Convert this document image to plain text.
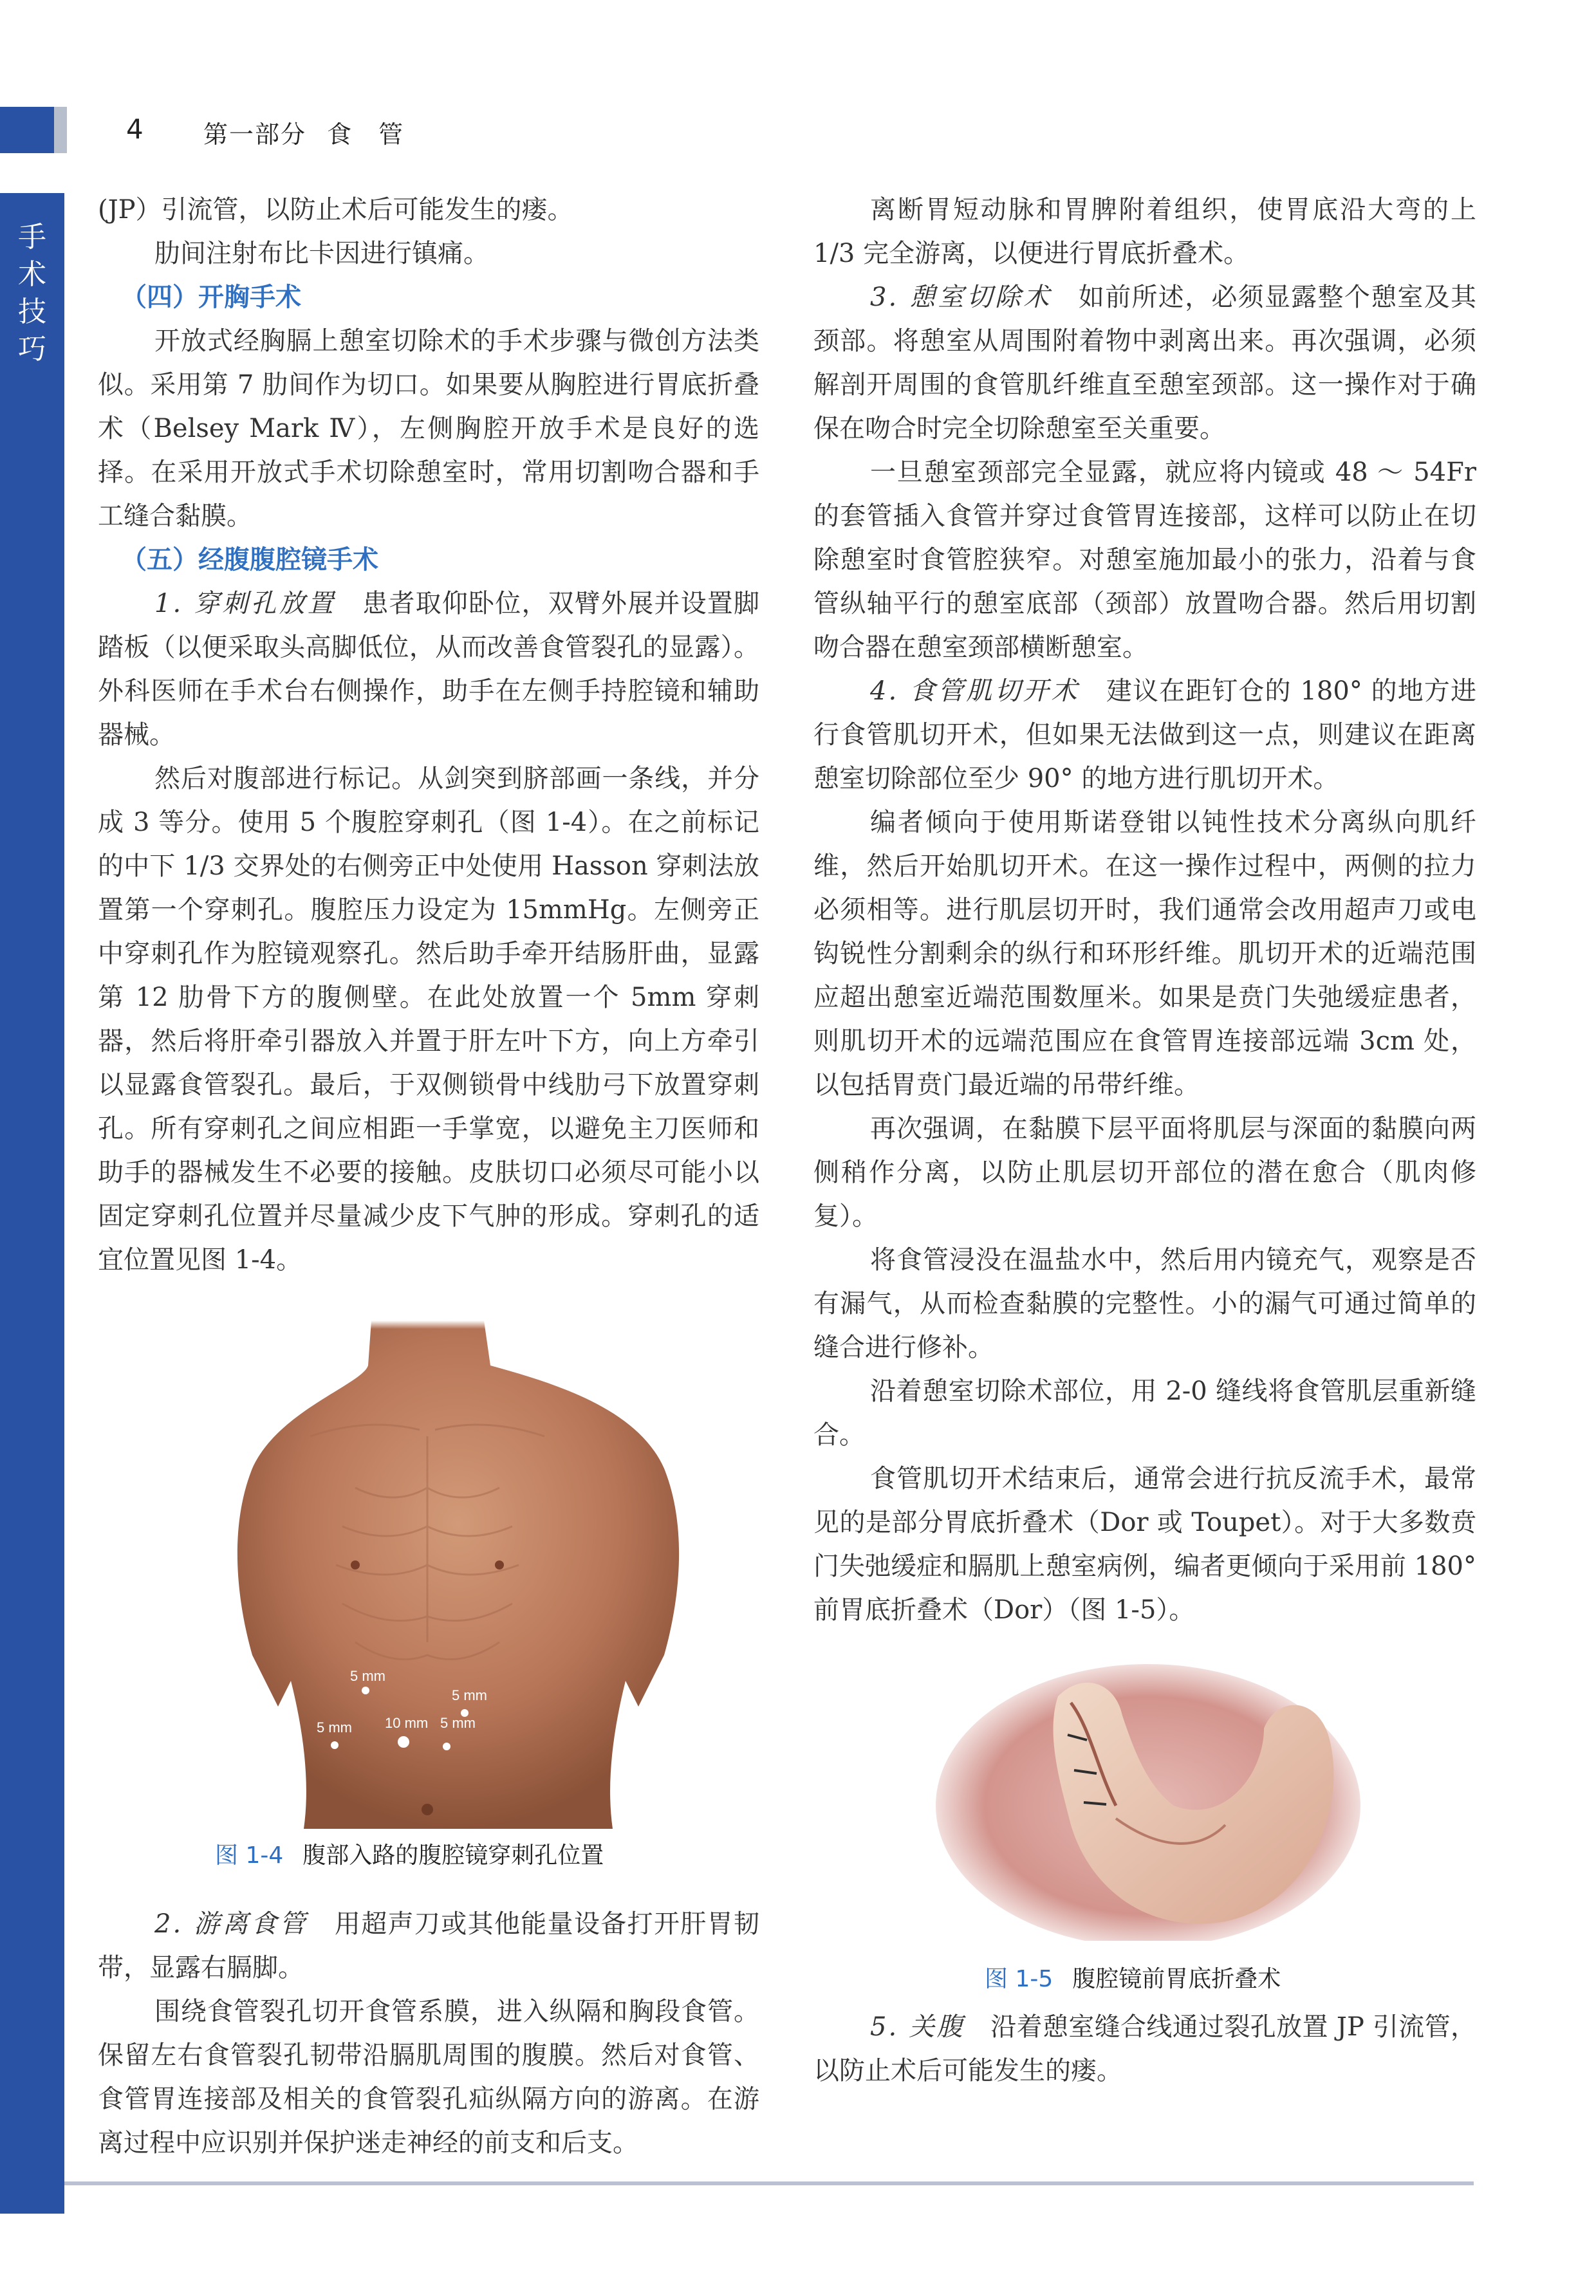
4 第一部分 食　管
手
术
技
巧

(JP）引流管，以防止术后可能发生的瘘。

肋间注射布比卡因进行镇痛。

（四）开胸手术

开放式经胸膈上憩室切除术的手术步骤与微创方法类似。采用第 7 肋间作为切口。如果要从胸腔进行胃底折叠术（Belsey Mark Ⅳ），左侧胸腔开放手术是良好的选择。在采用开放式手术切除憩室时，常用切割吻合器和手工缝合黏膜。

（五）经腹腹腔镜手术

1. 穿刺孔放置　 患者取仰卧位，双臂外展并设置脚踏板（以便采取头高脚低位，从而改善食管裂孔的显露）。外科医师在手术台右侧操作，助手在左侧手持腔镜和辅助器械。

然后对腹部进行标记。从剑突到脐部画一条线，并分成 3 等分。使用 5 个腹腔穿刺孔（图 1-4）。在之前标记的中下 1/3 交界处的右侧旁正中处使用 Hasson 穿刺法放置第一个穿刺孔。腹腔压力设定为 15mmHg。左侧旁正中穿刺孔作为腔镜观察孔。然后助手牵开结肠肝曲，显露第 12 肋骨下方的腹侧壁。在此处放置一个 5mm 穿刺器，然后将肝牵引器放入并置于肝左叶下方，向上方牵引以显露食管裂孔。最后，于双侧锁骨中线肋弓下放置穿刺孔。所有穿刺孔之间应相距一手掌宽，以避免主刀医师和助手的器械发生不必要的接触。皮肤切口必须尽可能小以固定穿刺孔位置并尽量减少皮下气肿的形成。穿刺孔的适宜位置见图 1-4。

5 mm
5 mm
5 mm 10 mm 5 mm
图 1-4 腹部入路的腹腔镜穿刺孔位置

2. 游离食管　 用超声刀或其他能量设备打开肝胃韧带，显露右膈脚。

围绕食管裂孔切开食管系膜，进入纵隔和胸段食管。保留左右食管裂孔韧带沿膈肌周围的腹膜。然后对食管、食管胃连接部及相关的食管裂孔疝纵隔方向的游离。在游离过程中应识别并保护迷走神经的前支和后支。

离断胃短动脉和胃脾附着组织，使胃底沿大弯的上 1/3 完全游离，以便进行胃底折叠术。

3. 憩室切除术　 如前所述，必须显露整个憩室及其颈部。将憩室从周围附着物中剥离出来。再次强调，必须解剖开周围的食管肌纤维直至憩室颈部。这一操作对于确保在吻合时完全切除憩室至关重要。

一旦憩室颈部完全显露，就应将内镜或 48 ～ 54Fr 的套管插入食管并穿过食管胃连接部，这样可以防止在切除憩室时食管腔狭窄。对憩室施加最小的张力，沿着与食管纵轴平行的憩室底部（颈部）放置吻合器。然后用切割吻合器在憩室颈部横断憩室。

4. 食管肌切开术　 建议在距钉仓的 180° 的地方进行食管肌切开术，但如果无法做到这一点，则建议在距离憩室切除部位至少 90° 的地方进行肌切开术。

编者倾向于使用斯诺登钳以钝性技术分离纵向肌纤维，然后开始肌切开术。在这一操作过程中，两侧的拉力必须相等。进行肌层切开时，我们通常会改用超声刀或电钩锐性分割剩余的纵行和环形纤维。肌切开术的近端范围应超出憩室近端范围数厘米。如果是贲门失弛缓症患者，则肌切开术的远端范围应在食管胃连接部远端 3cm 处，以包括胃贲门最近端的吊带纤维。

再次强调，在黏膜下层平面将肌层与深面的黏膜向两侧稍作分离，以防止肌层切开部位的潜在愈合（肌肉修复）。

将食管浸没在温盐水中，然后用内镜充气，观察是否有漏气，从而检查黏膜的完整性。小的漏气可通过简单的缝合进行修补。

沿着憩室切除术部位，用 2-0 缝线将食管肌层重新缝合。

食管肌切开术结束后，通常会进行抗反流手术，最常见的是部分胃底折叠术（Dor 或 Toupet）。对于大多数贲门失弛缓症和膈肌上憩室病例，编者更倾向于采用前 180° 前胃底折叠术（Dor）（图 1-5）。

图 1-5 腹腔镜前胃底折叠术

5. 关腹　 沿着憩室缝合线通过裂孔放置 JP 引流管，以防止术后可能发生的瘘。
